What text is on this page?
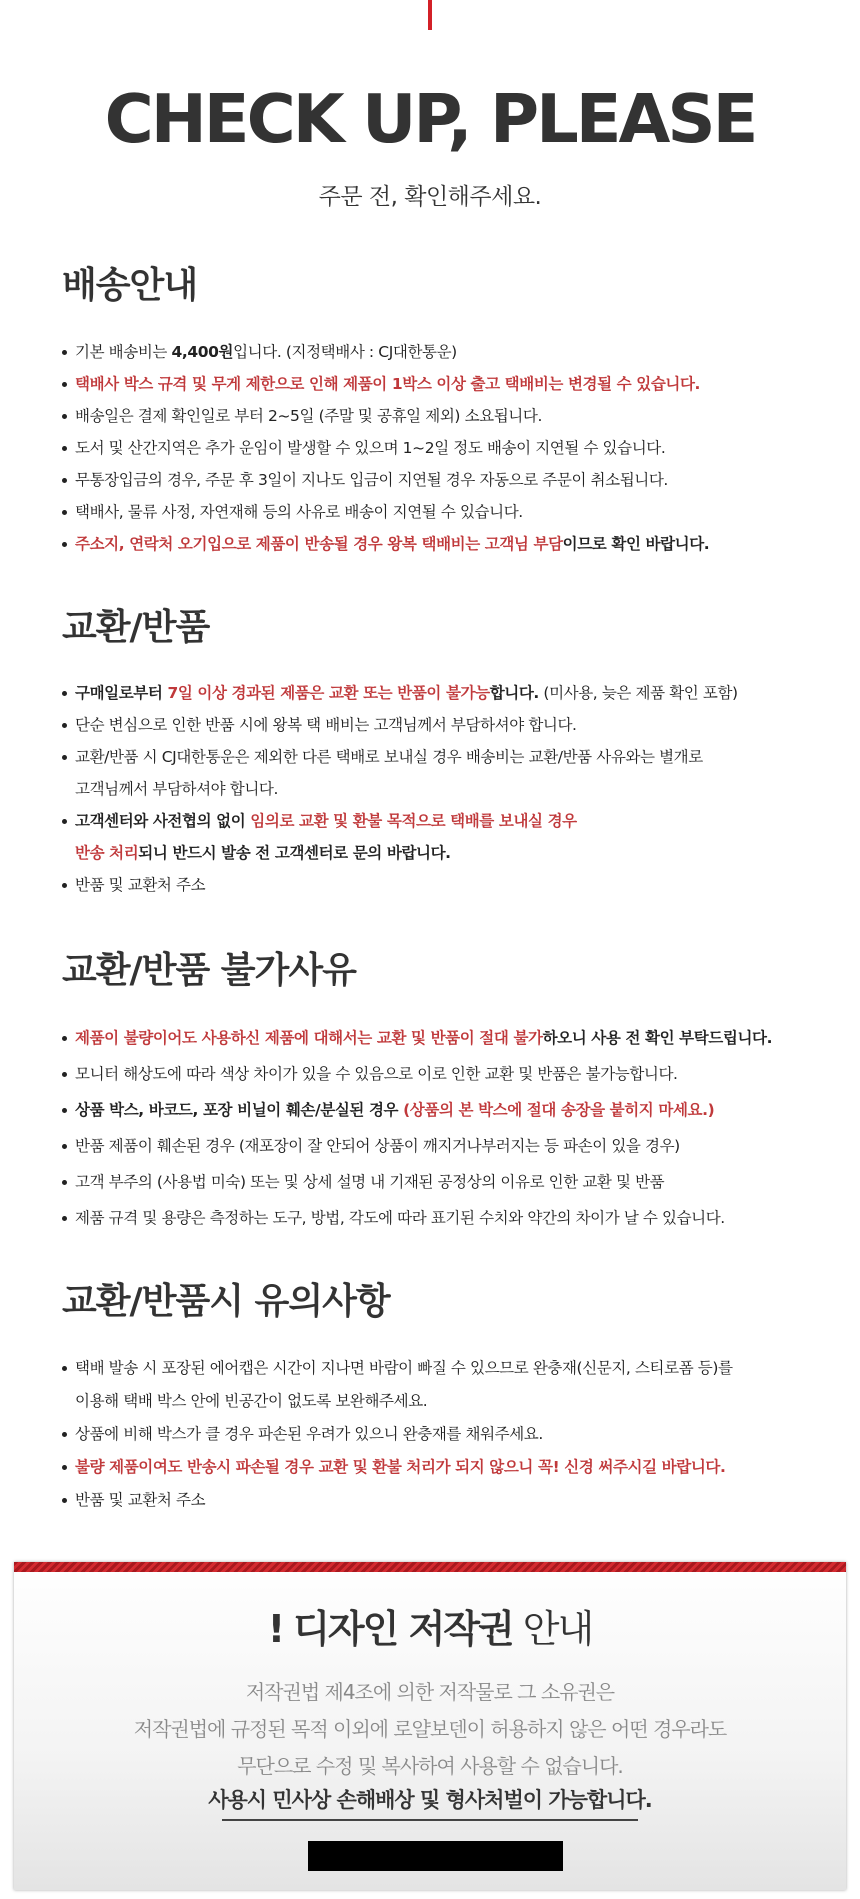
CHECK UP, PLEASE
주문 전, 확인해주세요.
배송안내
기본 배송비는 4,400원입니다. (지정택배사 : CJ대한통운)
택배사 박스 규격 및 무게 제한으로 인해 제품이 1박스 이상 출고 택배비는 변경될 수 있습니다.
배송일은 결제 확인일로 부터 2~5일 (주말 및 공휴일 제외) 소요됩니다.
도서 및 산간지역은 추가 운임이 발생할 수 있으며 1~2일 정도 배송이 지연될 수 있습니다.
무통장입금의 경우, 주문 후 3일이 지나도 입금이 지연될 경우 자동으로 주문이 취소됩니다.
택배사, 물류 사정, 자연재해 등의 사유로 배송이 지연될 수 있습니다.
주소지, 연락처 오기입으로 제품이 반송될 경우 왕복 택배비는 고객님 부담이므로 확인 바랍니다.
교환/반품
구매일로부터 7일 이상 경과된 제품은 교환 또는 반품이 불가능합니다. (미사용, 늦은 제품 확인 포함)
단순 변심으로 인한 반품 시에 왕복 택 배비는 고객님께서 부담하셔야 합니다.
교환/반품 시 CJ대한통운은 제외한 다른 택배로 보내실 경우 배송비는 교환/반품 사유와는 별개로
고객님께서 부담하셔야 합니다.
고객센터와 사전협의 없이 임의로 교환 및 환불 목적으로 택배를 보내실 경우
반송 처리되니 반드시 발송 전 고객센터로 문의 바랍니다.
반품 및 교환처 주소
교환/반품 불가사유
제품이 불량이어도 사용하신 제품에 대해서는 교환 및 반품이 절대 불가하오니 사용 전 확인 부탁드립니다.
모니터 해상도에 따라 색상 차이가 있을 수 있음으로 이로 인한 교환 및 반품은 불가능합니다.
상품 박스, 바코드, 포장 비닐이 훼손/분실된 경우 (상품의 본 박스에 절대 송장을 붙히지 마세요.)
반품 제품이 훼손된 경우 (재포장이 잘 안되어 상품이 깨지거나부러지는 등 파손이 있을 경우)
고객 부주의 (사용법 미숙) 또는 및 상세 설명 내 기재된 공정상의 이유로 인한 교환 및 반품
제품 규격 및 용량은 측정하는 도구, 방법, 각도에 따라 표기된 수치와 약간의 차이가 날 수 있습니다.
교환/반품시 유의사항
택배 발송 시 포장된 에어캡은 시간이 지나면 바람이 빠질 수 있으므로 완충재(신문지, 스티로폼 등)를
이용해 택배 박스 안에 빈공간이 없도록 보완해주세요.
상품에 비해 박스가 클 경우 파손된 우려가 있으니 완충재를 채워주세요.
불량 제품이여도 반송시 파손될 경우 교환 및 환불 처리가 되지 않으니 꼭! 신경 써주시길 바랍니다.
반품 및 교환처 주소
! 디자인 저작권 안내
저작권법 제4조에 의한 저작물로 그 소유권은
저작권법에 규정된 목적 이외에 로얄보덴이 허용하지 않은 어떤 경우라도
무단으로 수정 및 복사하여 사용할 수 없습니다.
사용시 민사상 손해배상 및 형사처벌이 가능합니다.
